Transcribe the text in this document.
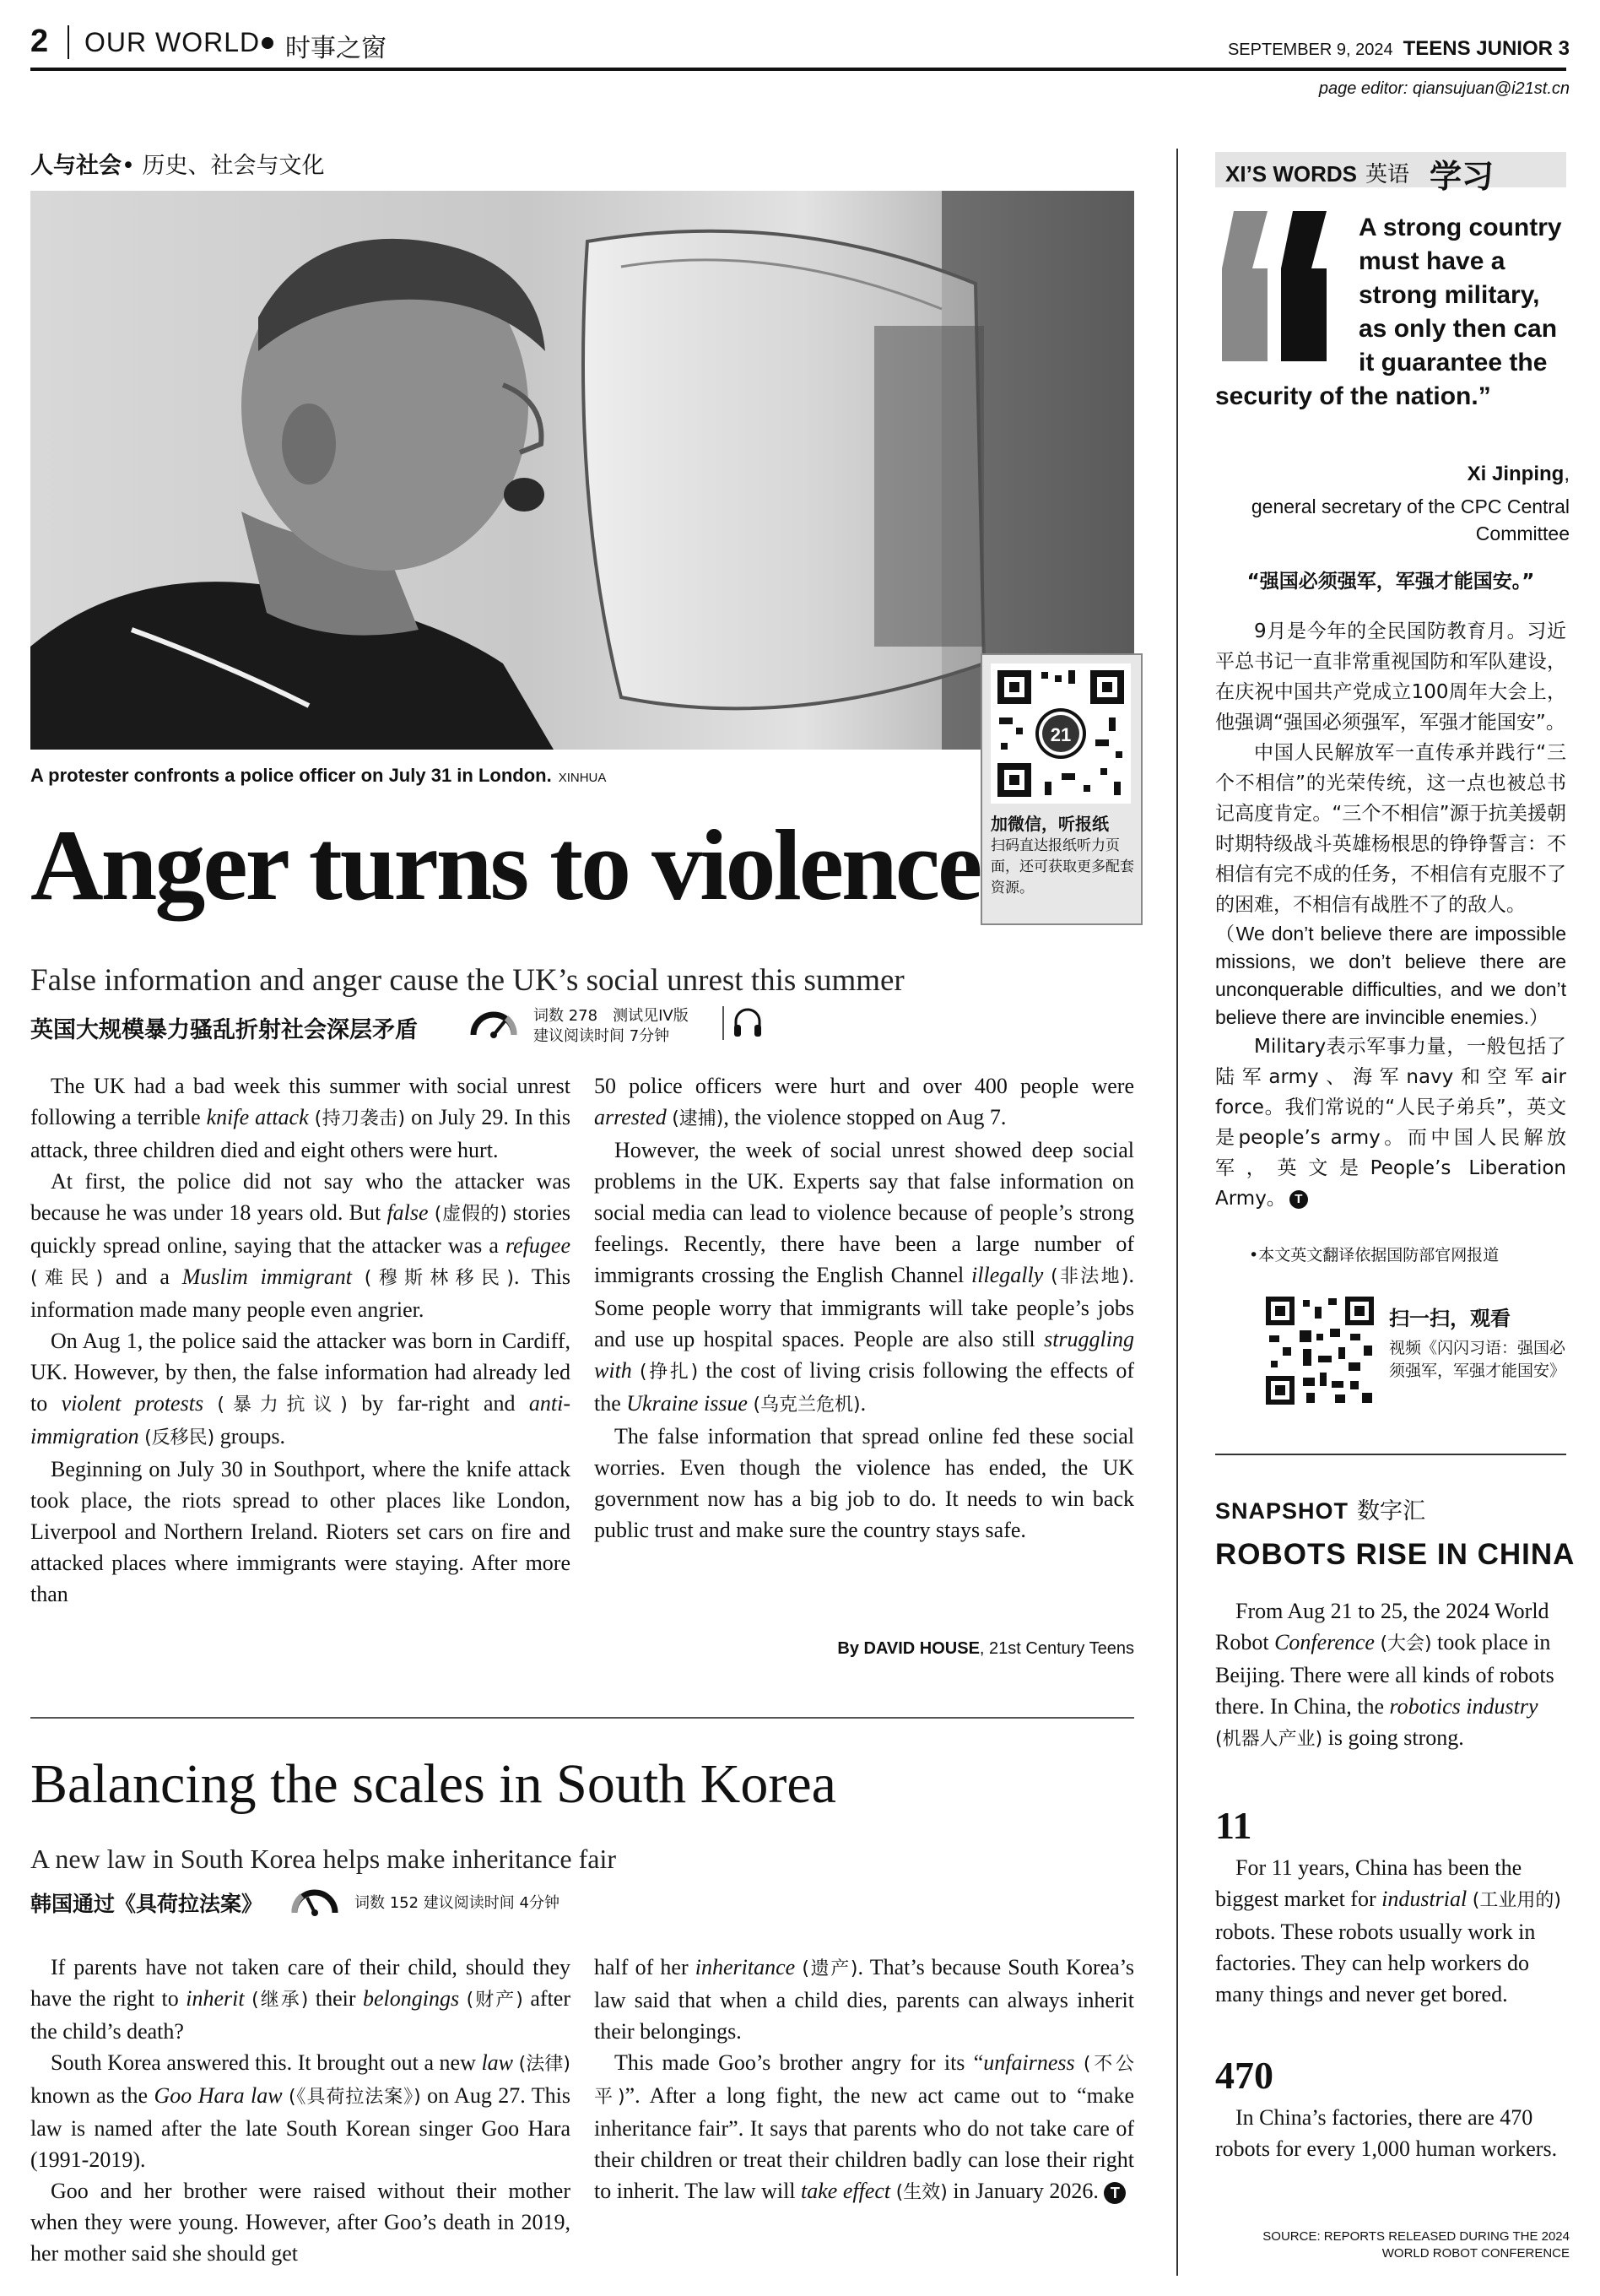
2 OUR WORLD 时事之窗	SEPTEMBER 9, 2024 TEENS JUNIOR 3
page editor: qiansujuan@i21st.cn
人与社会• 历史、社会与文化
21
加微信，听报纸
扫码直达报纸听力页面，还可获取更多配套资源。
A protester confronts a police officer on July 31 in London. XINHUA
Anger turns to violence
False information and anger cause the UK’s social unrest this summer
英国大规模暴力骚乱折射社会深层矛盾
词数 278　测试见IV版
建议阅读时间 7分钟

The UK had a bad week this summer with social unrest following a terrible knife attack (持刀袭击) on July 29. In this attack, three children died and eight others were hurt.

At first, the police did not say who the attacker was because he was under 18 years old. But false (虚假的) stories quickly spread online, saying that the attacker was a refugee (难民) and a Muslim immigrant (穆斯林移民). This information made many people even angrier.

On Aug 1, the police said the attacker was born in Cardiff, UK. However, by then, the false information had already led to violent protests (暴力抗议) by far-right and anti-immigration (反移民) groups.

Beginning on July 30 in Southport, where the knife attack took place, the riots spread to other places like London, Liverpool and Northern Ireland. Rioters set cars on fire and attacked places where immigrants were staying. After more than

50 police officers were hurt and over 400 people were arrested (逮捕), the violence stopped on Aug 7.

However, the week of social unrest showed deep social problems in the UK. Experts say that false information on social media can lead to violence because of people’s strong feelings. Recently, there have been a large number of immigrants crossing the English Channel illegally (非法地). Some people worry that immigrants will take people’s jobs and use up hospital spaces. People are also still struggling with (挣扎) the cost of living crisis following the effects of the Ukraine issue (乌克兰危机).

The false information that spread online fed these social worries. Even though the violence has ended, the UK government now has a big job to do. It needs to win back public trust and make sure the country stays safe.

By DAVID HOUSE, 21st Century Teens
Balancing the scales in South Korea
A new law in South Korea helps make inheritance fair
韩国通过《具荷拉法案》	词数 152 建议阅读时间 4分钟

If parents have not taken care of their child, should they have the right to inherit (继承) their belongings (财产) after the child’s death?

South Korea answered this. It brought out a new law (法律) known as the Goo Hara law (《具荷拉法案》) on Aug 27. This law is named after the late South Korean singer Goo Hara (1991-2019).

Goo and her brother were raised without their mother when they were young. However, after Goo’s death in 2019, her mother said she should get

half of her inheritance (遗产). That’s because South Korea’s law said that when a child dies, parents can always inherit their belongings.

This made Goo’s brother angry for its “unfairness (不公平)”. After a long fight, the new act came out to “make inheritance fair”. It says that parents who do not take care of their children or treat their children badly can lose their right to inherit. The law will take effect (生效) in January 2026. T

XI’S WORDS 英语 学习
A strong country must have a strong military, as only then can it guarantee the security of the nation.”
Xi Jinping,
general secretary of the CPC Central Committee
“强国必须强军，军强才能国安。”

9月是今年的全民国防教育月。习近平总书记一直非常重视国防和军队建设，在庆祝中国共产党成立100周年大会上，他强调“强国必须强军，军强才能国安”。

中国人民解放军一直传承并践行“三个不相信”的光荣传统，这一点也被总书记高度肯定。“三个不相信”源于抗美援朝时期特级战斗英雄杨根思的铮铮誓言：不相信有完不成的任务，不相信有克服不了的困难，不相信有战胜不了的敌人。

（We don’t believe there are impossible missions, we don’t believe there are unconquerable difficulties, and we don’t believe there are invincible enemies.）

Military表示军事力量，一般包括了陆军army、海军navy和空军air force。我们常说的“人民子弟兵”，英文是people’s army。而中国人民解放军，英文是People’s Liberation Army。 T

•本文英文翻译依据国防部官网报道
扫一扫，观看
视频《闪闪习语：强国必须强军，军强才能国安》
SNAPSHOT 数字汇
ROBOTS RISE IN CHINA

From Aug 21 to 25, the 2024 World Robot Conference (大会) took place in Beijing. There were all kinds of robots there. In China, the robotics industry (机器人产业) is going strong.

11

For 11 years, China has been the biggest market for industrial (工业用的) robots. These robots usually work in factories. They can help workers do many things and never get bored.

470

In China’s factories, there are 470 robots for every 1,000 human workers.

SOURCE: REPORTS RELEASED DURING THE 2024 WORLD ROBOT CONFERENCE
